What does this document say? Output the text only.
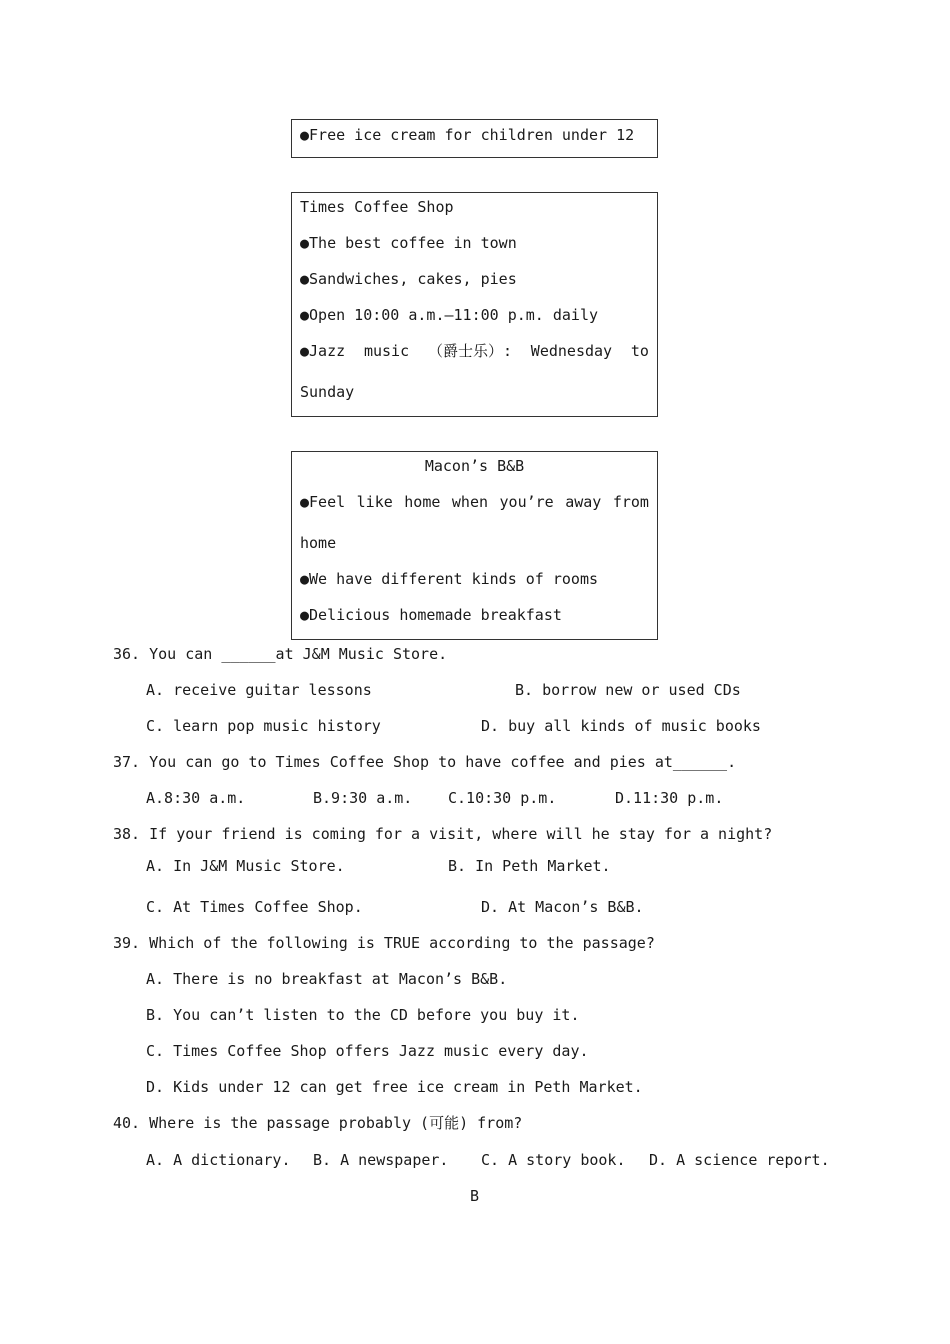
●Free ice cream for children under 12
Times Coffee Shop
●The best coffee in town
●Sandwiches, cakes, pies
●Open 10:00 a.m.—11:00 p.m. daily
●Jazz music （爵士乐）: Wednesday to
Sunday
Macon’s B&B
●Feel like home when you’re away from
home
●We have different kinds of rooms
●Delicious homemade breakfast
36. You can ______at J&M Music Store.
A. receive guitar lessons	B. borrow new or used CDs
C. learn pop music history	D. buy all kinds of music books
37. You can go to Times Coffee Shop to have coffee and pies at______.
A.8:30 a.m.	B.9:30 a.m. C.10:30 p.m.	D.11:30 p.m.
38. If your friend is coming for a visit, where will he stay for a night?
A. In J&M Music Store.	B. In Peth Market.
C. At Times Coffee Shop.	D. At Macon’s B&B.
39. Which of the following is TRUE according to the passage?
A. There is no breakfast at Macon’s B&B.
B. You can’t listen to the CD before you buy it.
C. Times Coffee Shop offers Jazz music every day.
D. Kids under 12 can get free ice cream in Peth Market.
40. Where is the passage probably (可能) from?
A. A dictionary. B. A newspaper. C. A story book. D. A science report.
B
